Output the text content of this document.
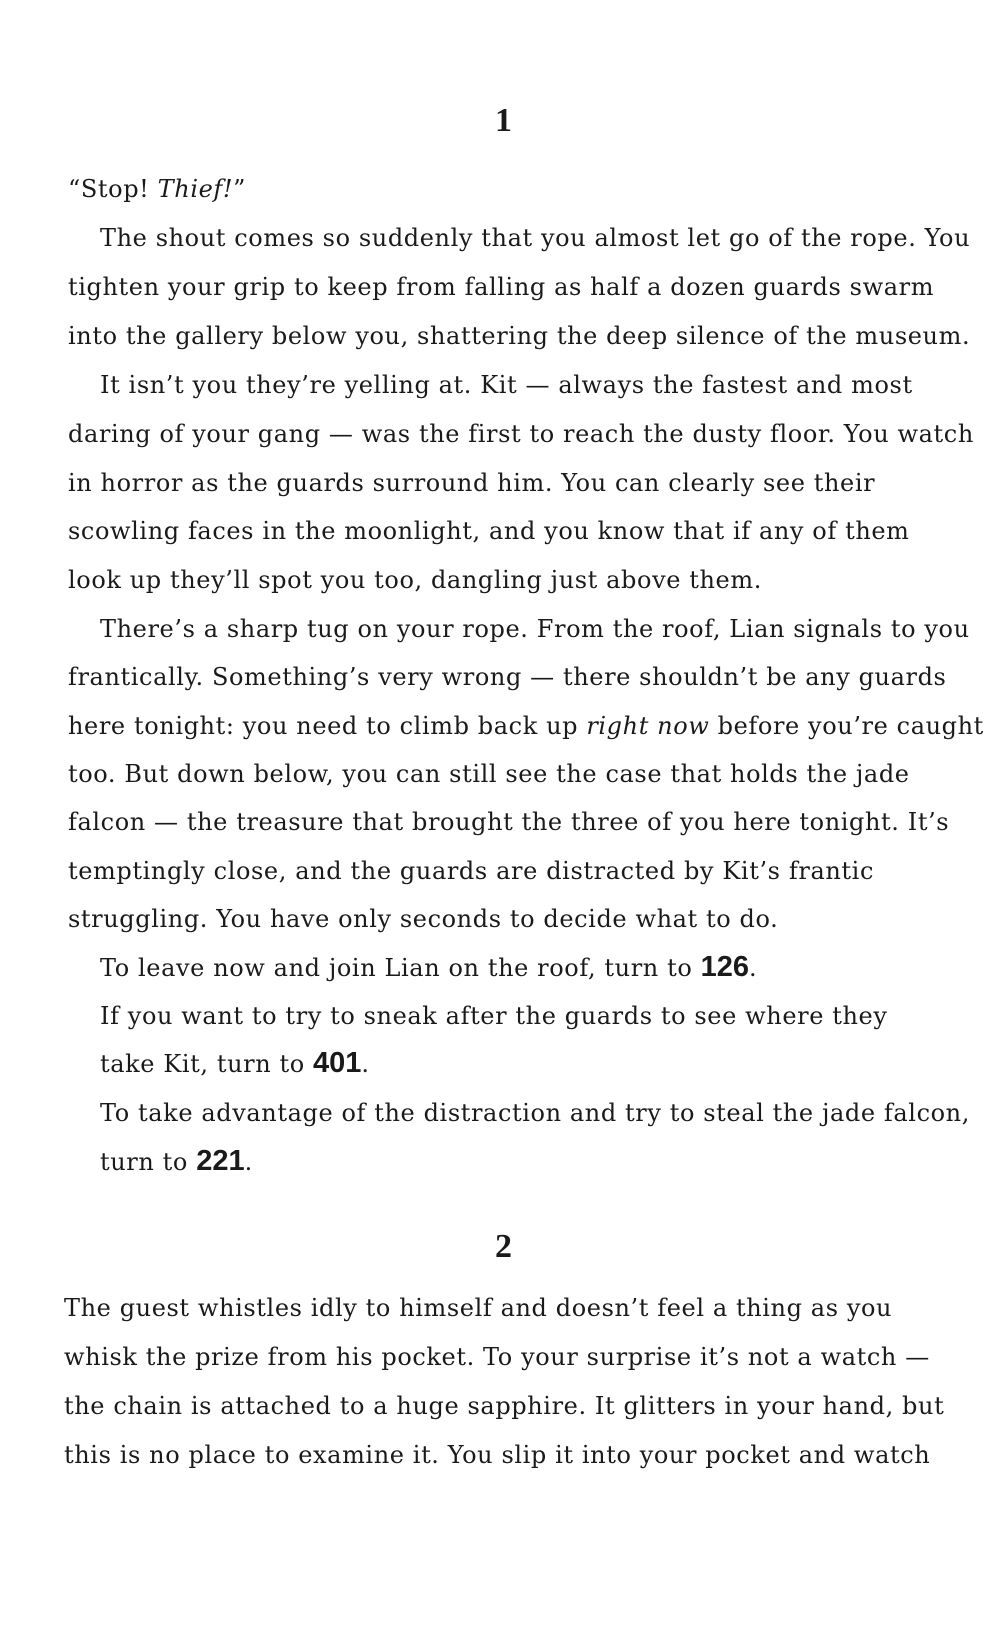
1
2
“Stop! Thief!”
The shout comes so suddenly that you almost let go of the rope. You
tighten your grip to keep from falling as half a dozen guards swarm
into the gallery below you, shattering the deep silence of the museum.
It isn’t you they’re yelling at. Kit — always the fastest and most
daring of your gang — was the first to reach the dusty floor. You watch
in horror as the guards surround him. You can clearly see their
scowling faces in the moonlight, and you know that if any of them
look up they’ll spot you too, dangling just above them.
There’s a sharp tug on your rope. From the roof, Lian signals to you
frantically. Something’s very wrong — there shouldn’t be any guards
here tonight: you need to climb back up right now before you’re caught
too. But down below, you can still see the case that holds the jade
falcon — the treasure that brought the three of you here tonight. It’s
temptingly close, and the guards are distracted by Kit’s frantic
struggling. You have only seconds to decide what to do.
To leave now and join Lian on the roof, turn to 126.
If you want to try to sneak after the guards to see where they
take Kit, turn to 401.
To take advantage of the distraction and try to steal the jade falcon,
turn to 221.
The guest whistles idly to himself and doesn’t feel a thing as you
whisk the prize from his pocket. To your surprise it’s not a watch —
the chain is attached to a huge sapphire. It glitters in your hand, but
this is no place to examine it. You slip it into your pocket and watch
